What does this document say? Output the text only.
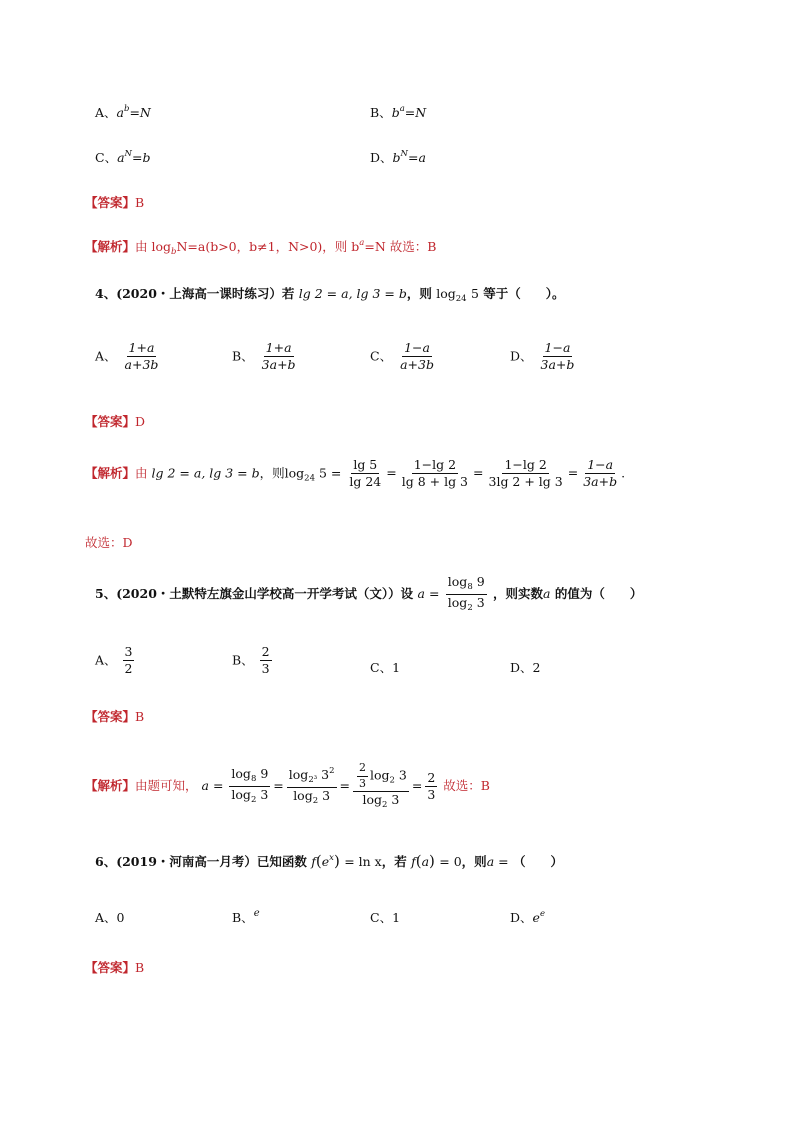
A、$a^b=N$	B、$b^a=N$
C、$a^N=b$	D、$b^N=a$
【答案】B
【解析】由 $\log_bN=a(b>0$，b≠1，N>0)，则 $b^a=N$ 故选：B
4、(2020・上海高一课时练习）若 lg 2 = a, lg 3 = b，则 $\log_{24} 5$ 等于（　　）。
A、 $\frac{1+a}{a+3b}$	B、 $\frac{1+a}{3a+b}$	C、 $\frac{1-a}{a+3b}$	D、 $\frac{1-a}{3a+b}$
【答案】D
【解析】由 lg 2 = a, lg 3 = b，则$\log_{24} 5 = \frac{\lg 5}{\lg 24} = \frac{1-\lg 2}{\lg 8 + \lg 3} = \frac{1-\lg 2}{3\lg 2 + \lg 3} = \frac{1-a}{3a+b}$ .
故选：D
5、(2020・土默特左旗金山学校高一开学考试（文））设 $a = \frac{\log_8 9}{\log_2 3}$ ，则实数a 的值为（　　）
A、 $\frac{3}{2}$	B、 $\frac{2}{3}$	C、1	D、2
【答案】B
【解析】由题可知， $a = \frac{\log_8 9}{\log_2 3} = \frac{\log_{2^3} 3^2}{\log_2 3} = \frac{\frac{2}{3} \log_2 3}{\log_2 3} = \frac{2}{3}$ 故选：B
6、(2019・河南高一月考）已知函数 $f(e^x) = \ln x$，若 f(a) = 0，则a = （　　）
A、0	B、$^e$	C、1	D、$e^e$
【答案】B
